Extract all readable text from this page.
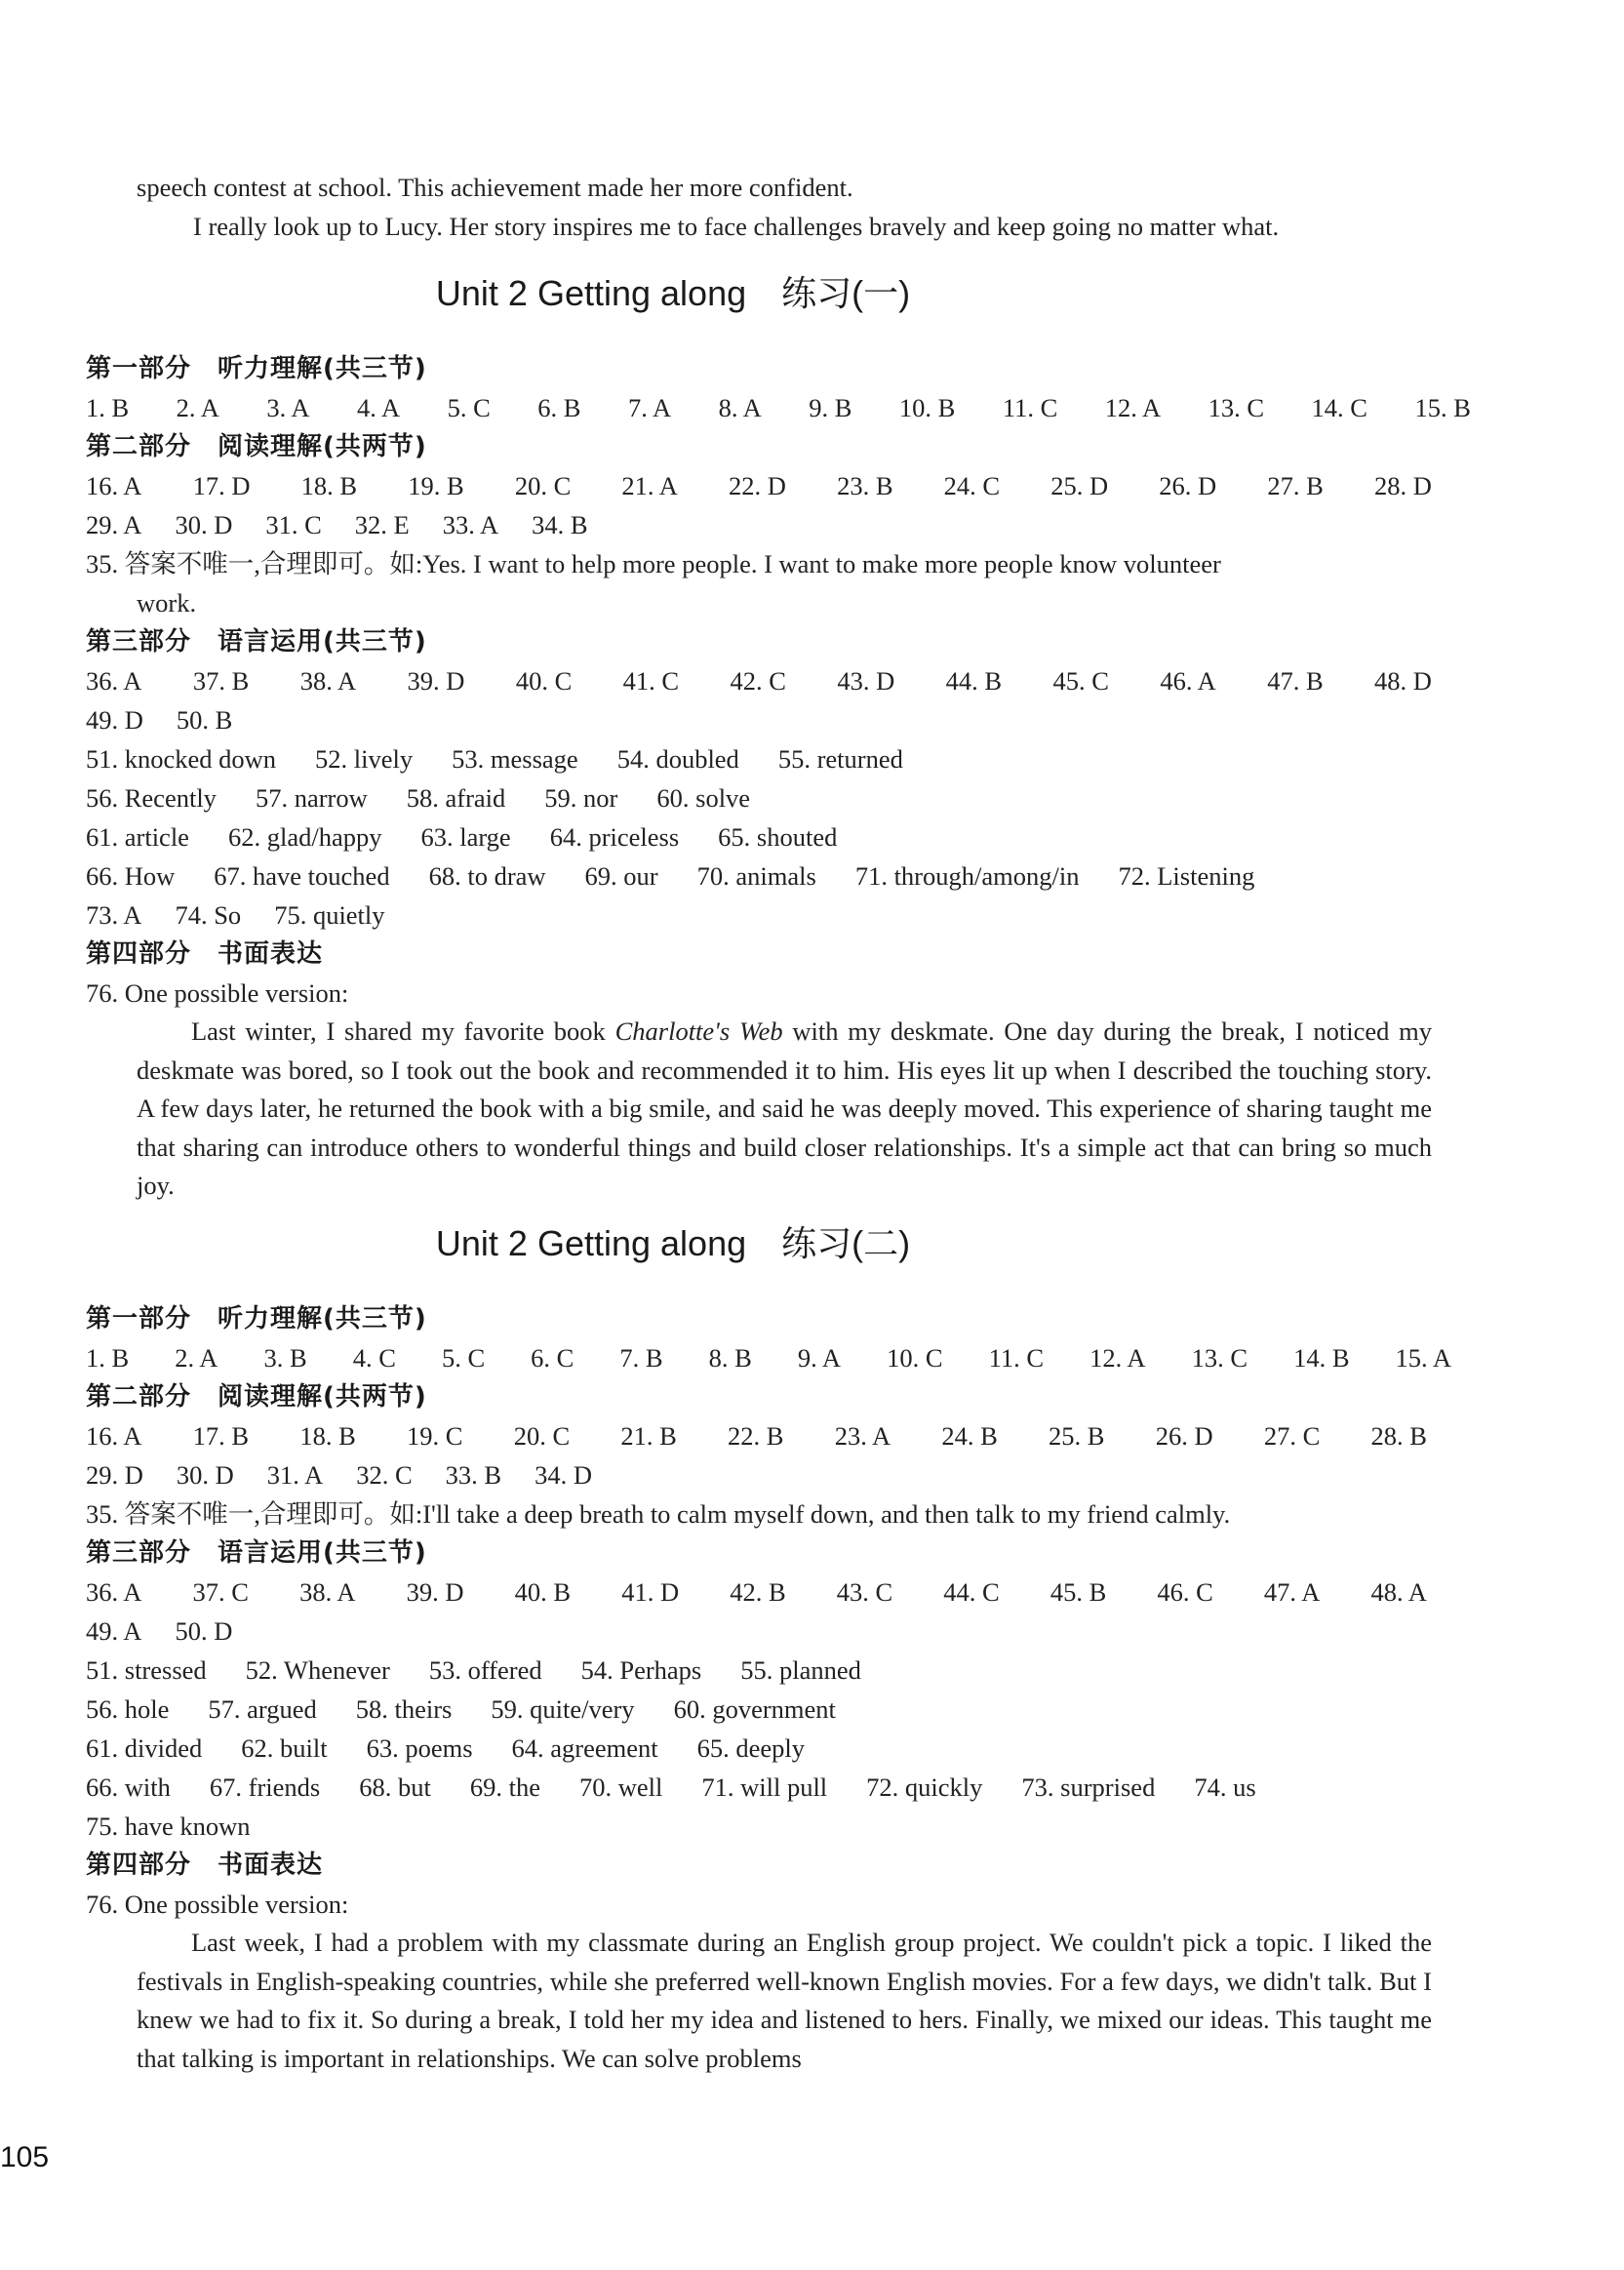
speech contest at school. This achievement made her more confident.
I really look up to Lucy. Her story inspires me to face challenges bravely and keep going no matter what.
Unit 2 Getting along　练习(一)
第一部分　听力理解(共三节)
1. B 2. A 3. A 4. A 5. C 6. B 7. A 8. A 9. B 10. B 11. C 12. A 13. C 14. C 15. B
第二部分　阅读理解(共两节)
16. A 17. D 18. B 19. B 20. C 21. A 22. D 23. B 24. C 25. D 26. D 27. B 28. D
29. A 30. D 31. C 32. E 33. A 34. B
35. 答案不唯一,合理即可。如:Yes. I want to help more people. I want to make more people know volunteer
work.
第三部分　语言运用(共三节)
36. A 37. B 38. A 39. D 40. C 41. C 42. C 43. D 44. B 45. C 46. A 47. B 48. D
49. D 50. B
51. knocked down 52. lively 53. message 54. doubled 55. returned
56. Recently 57. narrow 58. afraid 59. nor 60. solve
61. article 62. glad/happy 63. large 64. priceless 65. shouted
66. How 67. have touched 68. to draw 69. our 70. animals 71. through/among/in 72. Listening
73. A 74. So 75. quietly
第四部分　书面表达
76. One possible version:
Last winter, I shared my favorite book Charlotte's Web with my deskmate. One day during the break, I noticed my deskmate was bored, so I took out the book and recommended it to him. His eyes lit up when I described the touching story. A few days later, he returned the book with a big smile, and said he was deeply moved. This experience of sharing taught me that sharing can introduce others to wonderful things and build closer relationships. It's a simple act that can bring so much joy.
Unit 2 Getting along　练习(二)
第一部分　听力理解(共三节)
1. B 2. A 3. B 4. C 5. C 6. C 7. B 8. B 9. A 10. C 11. C 12. A 13. C 14. B 15. A
第二部分　阅读理解(共两节)
16. A 17. B 18. B 19. C 20. C 21. B 22. B 23. A 24. B 25. B 26. D 27. C 28. B
29. D 30. D 31. A 32. C 33. B 34. D
35. 答案不唯一,合理即可。如:I'll take a deep breath to calm myself down, and then talk to my friend calmly.
第三部分　语言运用(共三节)
36. A 37. C 38. A 39. D 40. B 41. D 42. B 43. C 44. C 45. B 46. C 47. A 48. A
49. A 50. D
51. stressed 52. Whenever 53. offered 54. Perhaps 55. planned
56. hole 57. argued 58. theirs 59. quite/very 60. government
61. divided 62. built 63. poems 64. agreement 65. deeply
66. with 67. friends 68. but 69. the 70. well 71. will pull 72. quickly 73. surprised 74. us
75. have known
第四部分　书面表达
76. One possible version:
Last week, I had a problem with my classmate during an English group project. We couldn't pick a topic. I liked the festivals in English-speaking countries, while she preferred well-known English movies. For a few days, we didn't talk. But I knew we had to fix it. So during a break, I told her my idea and listened to hers. Finally, we mixed our ideas. This taught me that talking is important in relationships. We can solve problems
105
